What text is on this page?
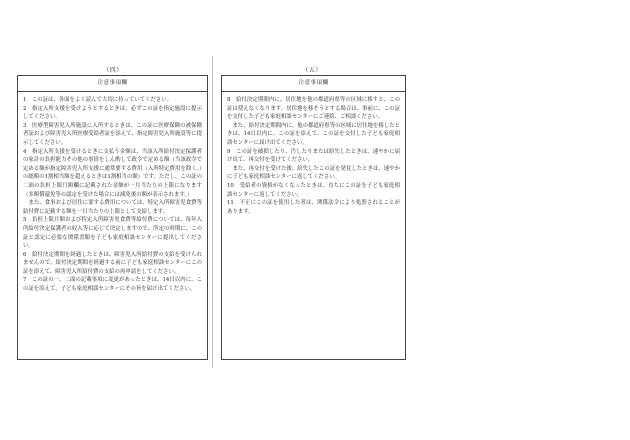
（四）	（五）
注意事項欄

1　この証は、各面をよく読んで大切に持っていてください。

2　指定入所支援を受けようとするときは、必ずこの証を指定施設に提示してください。

3　医療型障害児入所施設に入所するときは、この証に医療保険の被保険者証および障害児入所医療受給者証を添えて、指定障害児入所施設等に提示してください。

4　指定入所支援を受けるときに支払う金額は、当該入所給付決定保護者の家計の負担能力その他の事情をしん酌して政令で定める額（当該政令で定める額が指定障害児入所支援に通常要する費用（入所特定費用を除く。）の総額の1割相当額を超えるときは1割相当の額）です。ただし、この証の二面の負担上限月額欄に記載された金額が一月当たりの上限になります（多額償還免等の認定を受けた場合には減免後の額が表示されます。）

また、食事および居住に要する費用については、特定入所障害児食費等給付費に記載する額を一日当たりの上限として支給します。

5　負担上限月額および特定入所障害児食費等給付費については、毎年入所給付決定保護者の収入等に応じて決定しますので、所定の時期に、この証と認定に必要な関係書類を子ども家庭相談センターに提出してください。

6　給付決定期間を経過したときは、障害児入所給付費の支給を受けられませんので、給付決定期間を経過する前に子ども家庭相談センターにこの証を添えて、障害児入所給付費の支給の再申請をしてください。

7　この証の一、二面の記載事項に変更があったときは、14日以内に、この証を添えて、子ども家庭相談センターにその旨を届け出てください。

注意事項欄

8　給付決定期間内に、居住地を他の都道府県等の区域に移すと、この証は使えなくなります。居住地を移そうとする場合は、事前に、この証を交付した子ども家庭相談センターにご連絡、ご相談ください。

また、給付決定期間内に、他の都道府県等の区域に居住地を移したときは、14日以内に、この証を添えて、この証を交付した子ども家庭相談センターに届け出てください。

9　この証を破損したり、汚したりまたは紛失したときは、速やかに届け出て、再交付を受けてください。

また、再交付を受けた後、紛失したこの証を発見したときは、速やかに子ども家庭相談センターに返してください。

10　受給者の資格がなくなったときは、直ちにこの証を子ども家庭相談センターに返してください。

11　不正にこの証を使用した者は、関係法令により処罰されることがあります。
